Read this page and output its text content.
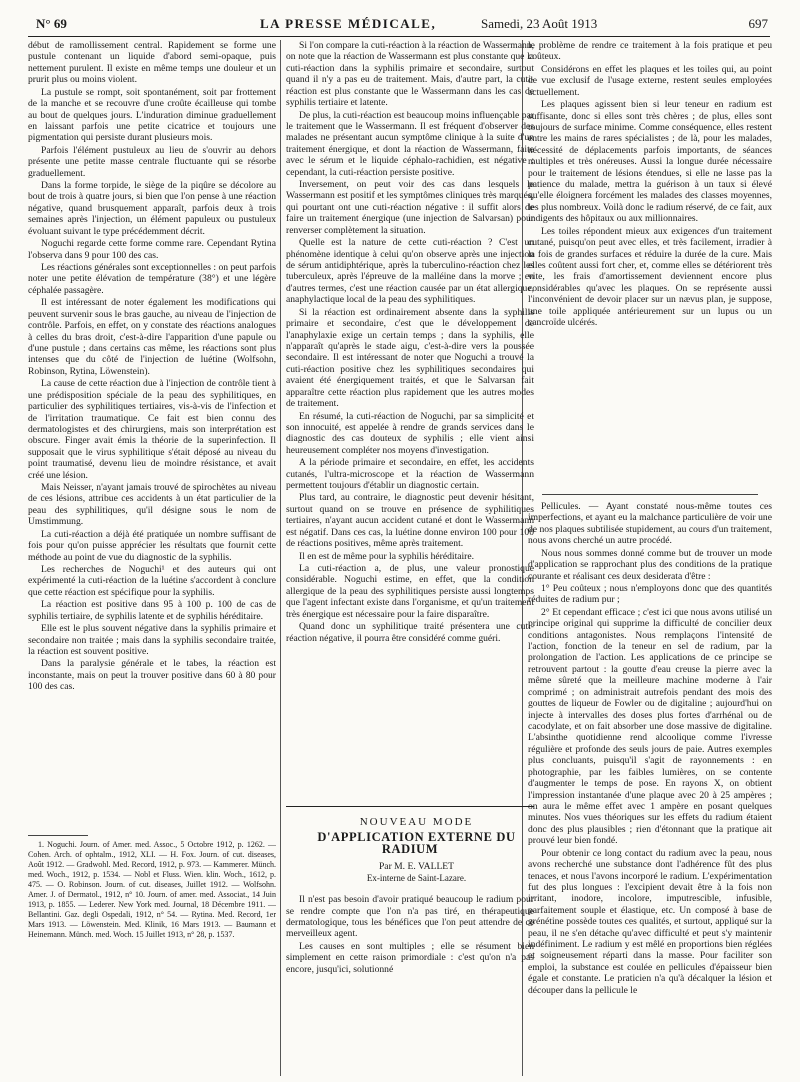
N° 69	LA PRESSE MÉDICALE,	Samedi, 23 Août 1913	697

début de ramollissement central. Rapidement se forme une pustule contenant un liquide d'abord semi-opaque, puis nettement purulent. Il existe en même temps une douleur et un prurit plus ou moins violent.

La pustule se rompt, soit spontanément, soit par frottement de la manche et se recouvre d'une croûte écailleuse qui tombe au bout de quelques jours. L'induration diminue graduellement en laissant parfois une petite cicatrice et toujours une pigmentation qui persiste durant plusieurs mois.

Parfois l'élément pustuleux au lieu de s'ouvrir au dehors présente une petite masse centrale fluctuante qui se résorbe graduellement.

Dans la forme torpide, le siège de la piqûre se décolore au bout de trois à quatre jours, si bien que l'on pense à une réaction négative, quand brusquement apparaît, parfois deux à trois semaines après l'injection, un élément papuleux ou pustuleux évoluant suivant le type précédemment décrit.

Noguchi regarde cette forme comme rare. Cependant Rytina l'observa dans 9 pour 100 des cas.

Les réactions générales sont exceptionnelles : on peut parfois noter une petite élévation de température (38°) et une légère céphalée passagère.

Il est intéressant de noter également les modifications qui peuvent survenir sous le bras gauche, au niveau de l'injection de contrôle. Parfois, en effet, on y constate des réactions analogues à celles du bras droit, c'est-à-dire l'apparition d'une papule ou d'une pustule ; dans certains cas même, les réactions sont plus intenses que du côté de l'injection de luétine (Wolfsohn, Robinson, Rytina, Löwenstein).

La cause de cette réaction due à l'injection de contrôle tient à une prédisposition spéciale de la peau des syphilitiques, en particulier des syphilitiques tertiaires, vis-à-vis de l'infection et de l'irritation traumatique. Ce fait est bien connu des dermatologistes et des chirurgiens, mais son interprétation est obscure. Finger avait émis la théorie de la superinfection. Il supposait que le virus syphilitique s'était déposé au niveau du point traumatisé, devenu lieu de moindre résistance, et avait créé une lésion.

Mais Neisser, n'ayant jamais trouvé de spirochètes au niveau de ces lésions, attribue ces accidents à un état particulier de la peau des syphilitiques, qu'il désigne sous le nom de Umstimmung.

La cuti-réaction a déjà été pratiquée un nombre suffisant de fois pour qu'on puisse apprécier les résultats que fournit cette méthode au point de vue du diagnostic de la syphilis.

Les recherches de Noguchi¹ et des auteurs qui ont expérimenté la cuti-réaction de la luétine s'accordent à conclure que cette réaction est spécifique pour la syphilis.

La réaction est positive dans 95 à 100 p. 100 de cas de syphilis tertiaire, de syphilis latente et de syphilis héréditaire.

Elle est le plus souvent négative dans la syphilis primaire et secondaire non traitée ; mais dans la syphilis secondaire traitée, la réaction est souvent positive.

Dans la paralysie générale et le tabes, la réaction est inconstante, mais on peut la trouver positive dans 60 à 80 pour 100 des cas.

1. Noguchi. Journ. of Amer. med. Assoc., 5 Octobre 1912, p. 1262. — Cohen. Arch. of ophtalm., 1912, XLI. — H. Fox. Journ. of cut. diseases, Août 1912. — Gradwohl. Med. Record, 1912, p. 973. — Kammerer. Münch. med. Woch., 1912, p. 1534. — Nobl et Fluss. Wien. klin. Woch., 1612, p. 475. — O. Robinson. Journ. of cut. diseases, Juillet 1912. — Wolfsohn. Amer. J. of Dermatol., 1912, n° 10. Journ. of amer. med. Associat., 14 Juin 1913, p. 1855. — Lederer. New York med. Journal, 18 Décembre 1911. — Bellantini. Gaz. degli Ospedali, 1912, n° 54. — Rytina. Med. Record, 1er Mars 1913. — Löwenstein. Med. Klinik, 16 Mars 1913. — Baumann et Heinemann. Münch. med. Woch. 15 Juillet 1913, n° 28, p. 1537.

Si l'on compare la cuti-réaction à la réaction de Wassermann, on note que la réaction de Wassermann est plus constante que la cuti-réaction dans la syphilis primaire et secondaire, surtout quand il n'y a pas eu de traitement. Mais, d'autre part, la cuti-réaction est plus constante que le Wassermann dans les cas de syphilis tertiaire et latente.

De plus, la cuti-réaction est beaucoup moins influençable par le traitement que le Wassermann. Il est fréquent d'observer des malades ne présentant aucun symptôme clinique à la suite d'un traitement énergique, et dont la réaction de Wassermann, faite avec le sérum et le liquide céphalo-rachidien, est négative ; cependant, la cuti-réaction persiste positive.

Inversement, on peut voir des cas dans lesquels le Wassermann est positif et les symptômes cliniques très marqués, qui pourtant ont une cuti-réaction négative : il suffit alors de faire un traitement énergique (une injection de Salvarsan) pour renverser complètement la situation.

Quelle est la nature de cette cuti-réaction ? C'est un phénomène identique à celui qu'on observe après une injection de sérum antidiphtérique, après la tuberculino-réaction chez les tuberculeux, après l'épreuve de la malléine dans la morve ; en d'autres termes, c'est une réaction causée par un état allergique, anaphylactique local de la peau des syphilitiques.

Si la réaction est ordinairement absente dans la syphilis primaire et secondaire, c'est que le développement de l'anaphylaxie exige un certain temps ; dans la syphilis, elle n'apparaît qu'après le stade aigu, c'est-à-dire vers la poussée secondaire. Il est intéressant de noter que Noguchi a trouvé la cuti-réaction positive chez les syphilitiques secondaires qui avaient été énergiquement traités, et que le Salvarsan fait apparaître cette réaction plus rapidement que les autres modes de traitement.

En résumé, la cuti-réaction de Noguchi, par sa simplicité et son innocuité, est appelée à rendre de grands services dans le diagnostic des cas douteux de syphilis ; elle vient ainsi heureusement compléter nos moyens d'investigation.

A la période primaire et secondaire, en effet, les accidents cutanés, l'ultra-microscope et la réaction de Wassermann permettent toujours d'établir un diagnostic certain.

Plus tard, au contraire, le diagnostic peut devenir hésitant, surtout quand on se trouve en présence de syphilitiques tertiaires, n'ayant aucun accident cutané et dont le Wassermann est négatif. Dans ces cas, la luétine donne environ 100 pour 100 de réactions positives, même après traitement.

Il en est de même pour la syphilis héréditaire.

La cuti-réaction a, de plus, une valeur pronostique considérable. Noguchi estime, en effet, que la condition allergique de la peau des syphilitiques persiste aussi longtemps que l'agent infectant existe dans l'organisme, et qu'un traitement très énergique est nécessaire pour la faire disparaître.

Quand donc un syphilitique traité présentera une cuti-réaction négative, il pourra être considéré comme guéri.

NOUVEAU MODE

D'APPLICATION EXTERNE DU RADIUM

Par M. E. VALLET

Ex-interne de Saint-Lazare.

Il n'est pas besoin d'avoir pratiqué beaucoup le radium pour se rendre compte que l'on n'a pas tiré, en thérapeutique dermatologique, tous les bénéfices que l'on peut attendre de ce merveilleux agent.

Les causes en sont multiples ; elle se résument bien simplement en cette raison primordiale : c'est qu'on n'a pas encore, jusqu'ici, solutionné

le problème de rendre ce traitement à la fois pratique et peu coûteux.

Considérons en effet les plaques et les toiles qui, au point de vue exclusif de l'usage externe, restent seules employées actuellement.

Les plaques agissent bien si leur teneur en radium est suffisante, donc si elles sont très chères ; de plus, elles sont toujours de surface minime. Comme conséquence, elles restent entre les mains de rares spécialistes ; de là, pour les malades, nécessité de déplacements parfois importants, de séances multiples et très onéreuses. Aussi la longue durée nécessaire pour le traitement de lésions étendues, si elle ne lasse pas la patience du malade, mettra la guérison à un taux si élevé qu'elle éloignera forcément les malades des classes moyennes, les plus nombreux. Voilà donc le radium réservé, de ce fait, aux indigents des hôpitaux ou aux millionnaires.

Les toiles répondent mieux aux exigences d'un traitement cutané, puisqu'on peut avec elles, et très facilement, irradier à la fois de grandes surfaces et réduire la durée de la cure. Mais elles coûtent aussi fort cher, et, comme elles se détériorent très vite, les frais d'amortissement deviennent encore plus considérables qu'avec les plaques. On se représente aussi l'inconvénient de devoir placer sur un nævus plan, je suppose, une toile appliquée antérieurement sur un lupus ou un cancroïde ulcérés.

Pellicules. — Ayant constaté nous-même toutes ces imperfections, et ayant eu la malchance particulière de voir une de nos plaques subtilisée stupidement, au cours d'un traitement, nous avons cherché un autre procédé.

Nous nous sommes donné comme but de trouver un mode d'application se rapprochant plus des conditions de la pratique courante et réalisant ces deux desiderata d'être :

1° Peu coûteux ; nous n'employons donc que des quantités réduites de radium pur ;

2° Et cependant efficace ; c'est ici que nous avons utilisé un principe original qui supprime la difficulté de concilier deux conditions antagonistes. Nous remplaçons l'intensité de l'action, fonction de la teneur en sel de radium, par la prolongation de l'action. Les applications de ce principe se retrouvent partout : la goutte d'eau creuse la pierre avec la même sûreté que la meilleure machine moderne à l'air comprimé ; on administrait autrefois pendant des mois des gouttes de liqueur de Fowler ou de digitaline ; aujourd'hui on injecte à intervalles des doses plus fortes d'arrhénal ou de cacodylate, et on fait absorber une dose massive de digitaline. L'absinthe quotidienne rend alcoolique comme l'ivresse régulière et profonde des seuls jours de paie. Autres exemples plus concluants, puisqu'il s'agit de rayonnements : en photographie, par les faibles lumières, on se contente d'augmenter le temps de pose. En rayons X, on obtient l'impression instantanée d'une plaque avec 20 à 25 ampères ; on aura le même effet avec 1 ampère en posant quelques minutes. Nos vues théoriques sur les effets du radium étaient donc des plus plausibles ; rien d'étonnant que la pratique ait prouvé leur bien fondé.

Pour obtenir ce long contact du radium avec la peau, nous avons recherché une substance dont l'adhérence fût des plus tenaces, et nous l'avons incorporé le radium. L'expérimentation fut des plus longues : l'excipient devait être à la fois non irritant, inodore, incolore, imputrescible, infusible, parfaitement souple et élastique, etc. Un composé à base de grénétine possède toutes ces qualités, et surtout, appliqué sur la peau, il ne s'en détache qu'avec difficulté et peut s'y maintenir indéfiniment. Le radium y est mêlé en proportions bien réglées et soigneusement réparti dans la masse. Pour faciliter son emploi, la substance est coulée en pellicules d'épaisseur bien égale et constante. Le praticien n'a qu'à décalquer la lésion et découper dans la pellicule le
